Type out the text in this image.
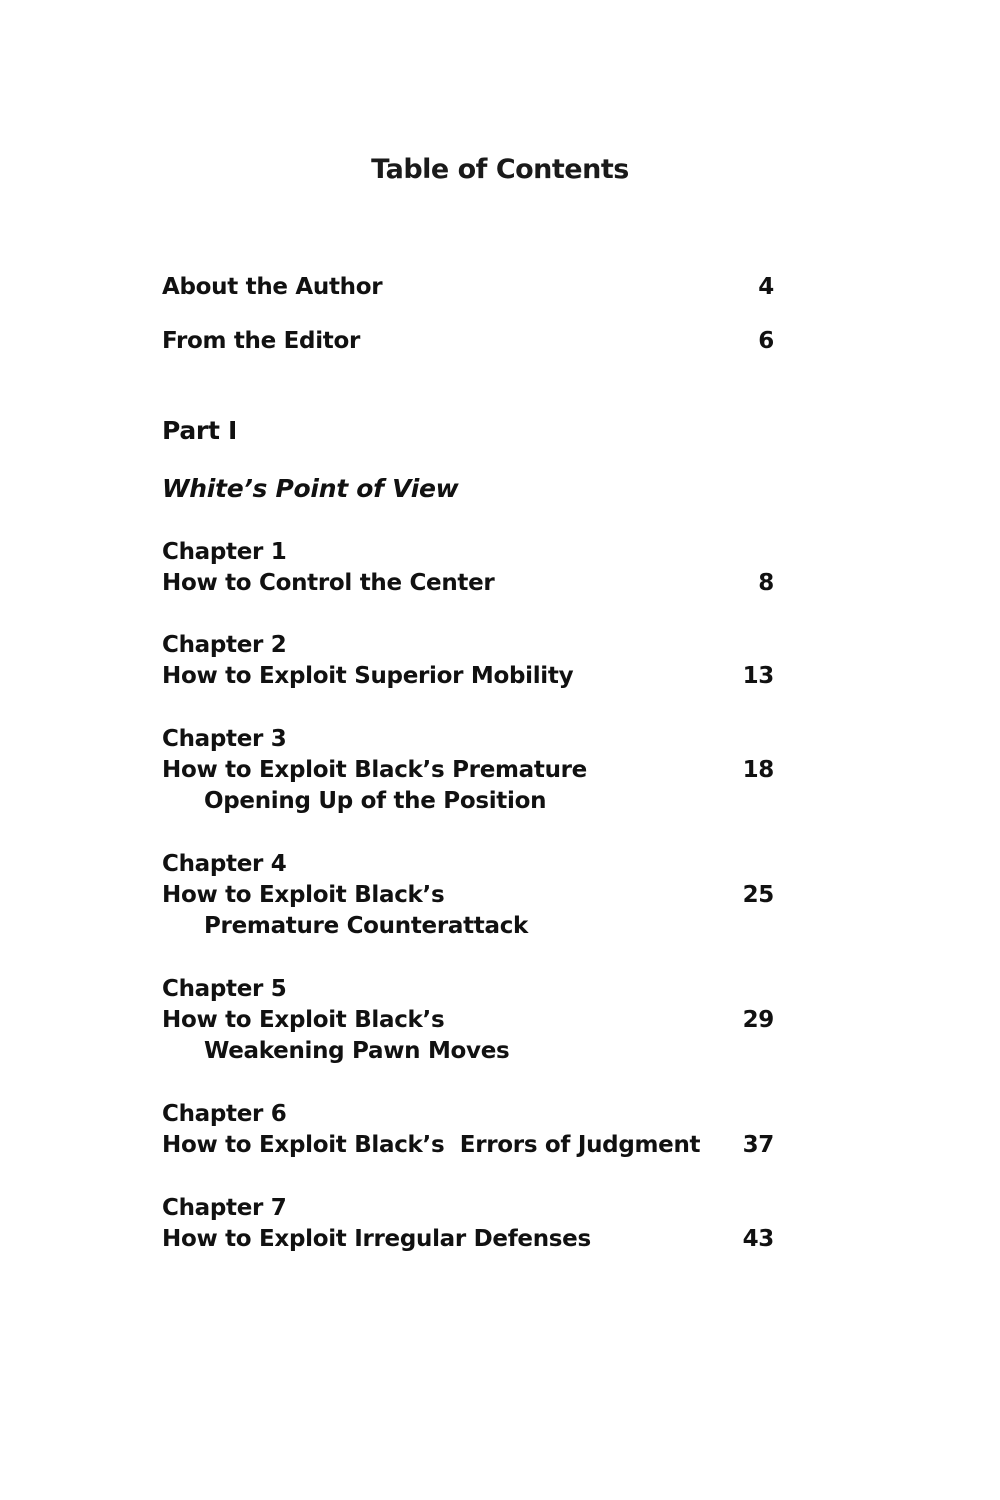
Table of Contents
About the Author	4
From the Editor	6
Part I
White’s Point of View
Chapter 1
How to Control the Center	8
Chapter 2
How to Exploit Superior Mobility	13
Chapter 3
How to Exploit Black’s Premature	18
Opening Up of the Position
Chapter 4
How to Exploit Black’s	25
Premature Counterattack
Chapter 5
How to Exploit Black’s	29
Weakening Pawn Moves
Chapter 6
How to Exploit Black’s  Errors of Judgment 37
Chapter 7
How to Exploit Irregular Defenses	43
